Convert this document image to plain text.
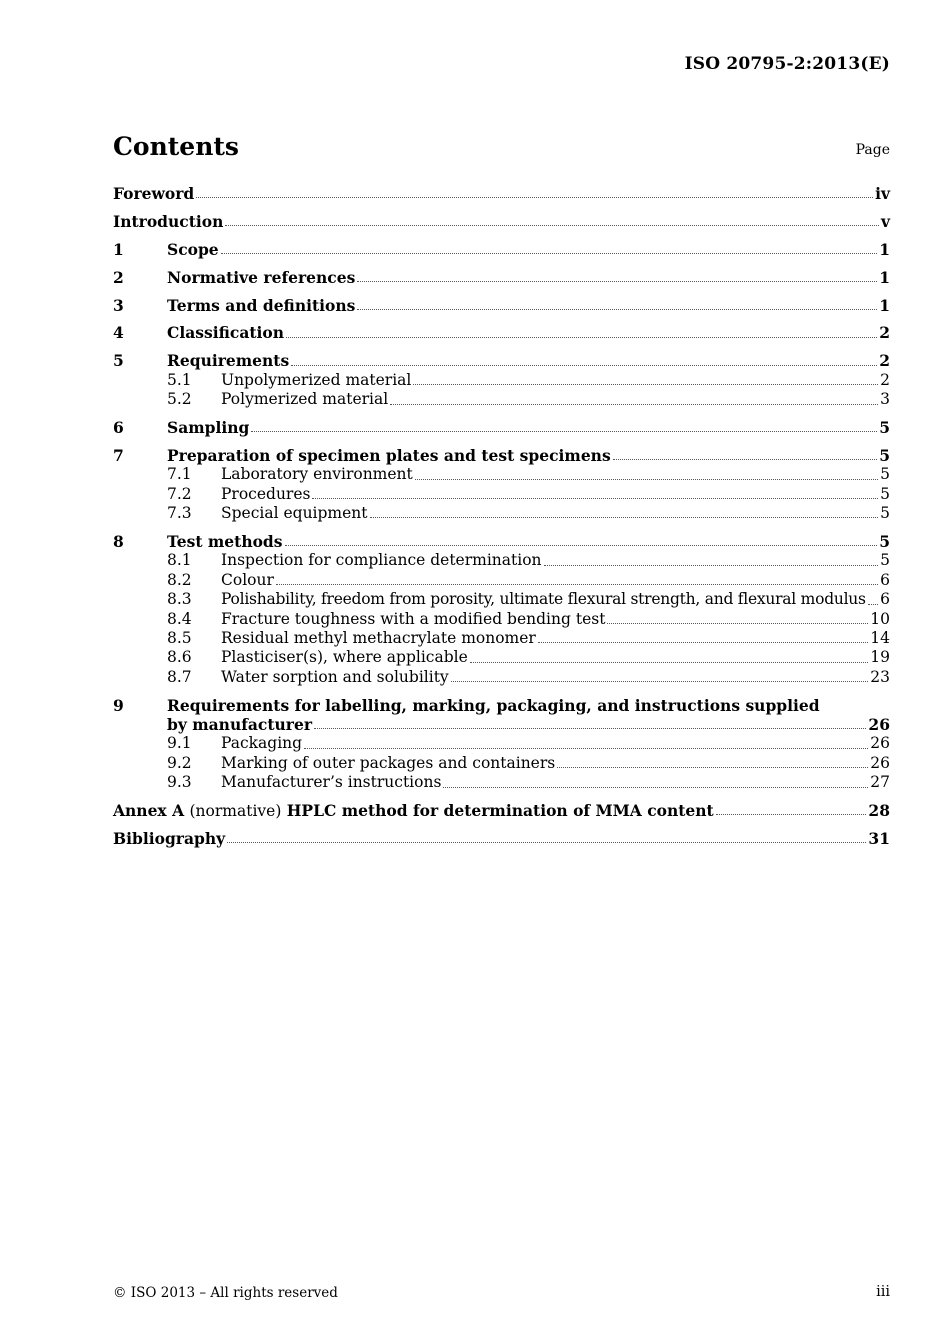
ISO 20795-2:2013(E)
Contents	Page
Foreword	iv
Introduction	v
1	Scope	1
2	Normative references	1
3	Terms and definitions	1
4	Classification	2
5	Requirements	2
5.1	Unpolymerized material	2
5.2	Polymerized material	3
6	Sampling	5
7	Preparation of specimen plates and test specimens	5
7.1	Laboratory environment	5
7.2	Procedures	5
7.3	Special equipment	5
8	Test methods	5
8.1	Inspection for compliance determination	5
8.2	Colour	6
8.3	Polishability, freedom from porosity, ultimate flexural strength, and flexural modulus 6
8.4	Fracture toughness with a modified bending test	10
8.5	Residual methyl methacrylate monomer	14
8.6	Plasticiser(s), where applicable	19
8.7	Water sorption and solubility	23
9	Requirements for labelling, marking, packaging, and instructions supplied
by manufacturer	26
9.1	Packaging	26
9.2	Marking of outer packages and containers	26
9.3	Manufacturer’s instructions	27
Annex A (normative) HPLC method for determination of MMA content	28
Bibliography	31
© ISO 2013 – All rights reserved	iii
